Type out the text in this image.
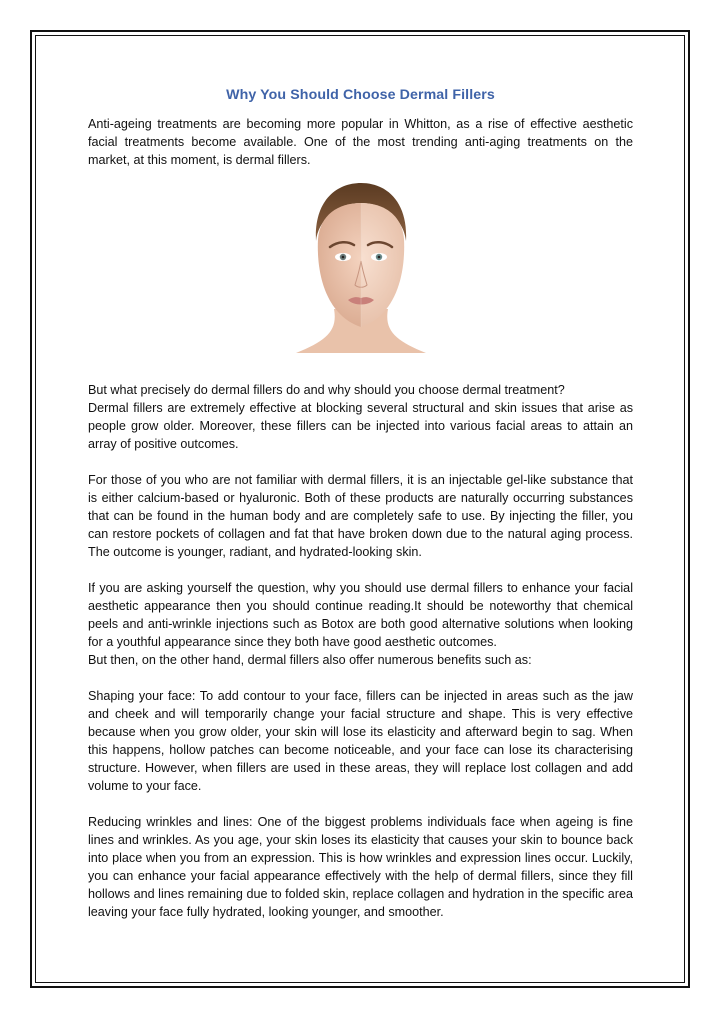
Why You Should Choose Dermal Fillers

Anti-ageing treatments are becoming more popular in Whitton, as a rise of effective aesthetic facial treatments become available. One of the most trending anti-aging treatments on the market, at this moment, is dermal fillers.

But what precisely do dermal fillers do and why should you choose dermal treatment?

Dermal fillers are extremely effective at blocking several structural and skin issues that arise as people grow older. Moreover, these fillers can be injected into various facial areas to attain an array of positive outcomes.

For those of you who are not familiar with dermal fillers, it is an injectable gel-like substance that is either calcium-based or hyaluronic. Both of these products are naturally occurring substances that can be found in the human body and are completely safe to use. By injecting the filler, you can restore pockets of collagen and fat that have broken down due to the natural aging process. The outcome is younger, radiant, and hydrated-looking skin.

If you are asking yourself the question, why you should use dermal fillers to enhance your facial aesthetic appearance then you should continue reading.It should be noteworthy that chemical peels and anti-wrinkle injections such as Botox are both good alternative solutions when looking for a youthful appearance since they both have good aesthetic outcomes.
But then, on the other hand, dermal fillers also offer numerous benefits such as:

Shaping your face: To add contour to your face, fillers can be injected in areas such as the jaw and cheek and will temporarily change your facial structure and shape. This is very effective because when you grow older, your skin will lose its elasticity and afterward begin to sag. When this happens, hollow patches can become noticeable, and your face can lose its characterising structure. However, when fillers are used in these areas, they will replace lost collagen and add volume to your face.

Reducing wrinkles and lines: One of the biggest problems individuals face when ageing is fine lines and wrinkles. As you age, your skin loses its elasticity that causes your skin to bounce back into place when you from an expression. This is how wrinkles and expression lines occur. Luckily, you can enhance your facial appearance effectively with the help of dermal fillers, since they fill hollows and lines remaining due to folded skin, replace collagen and hydration in the specific area leaving your face fully hydrated, looking younger, and smoother.
